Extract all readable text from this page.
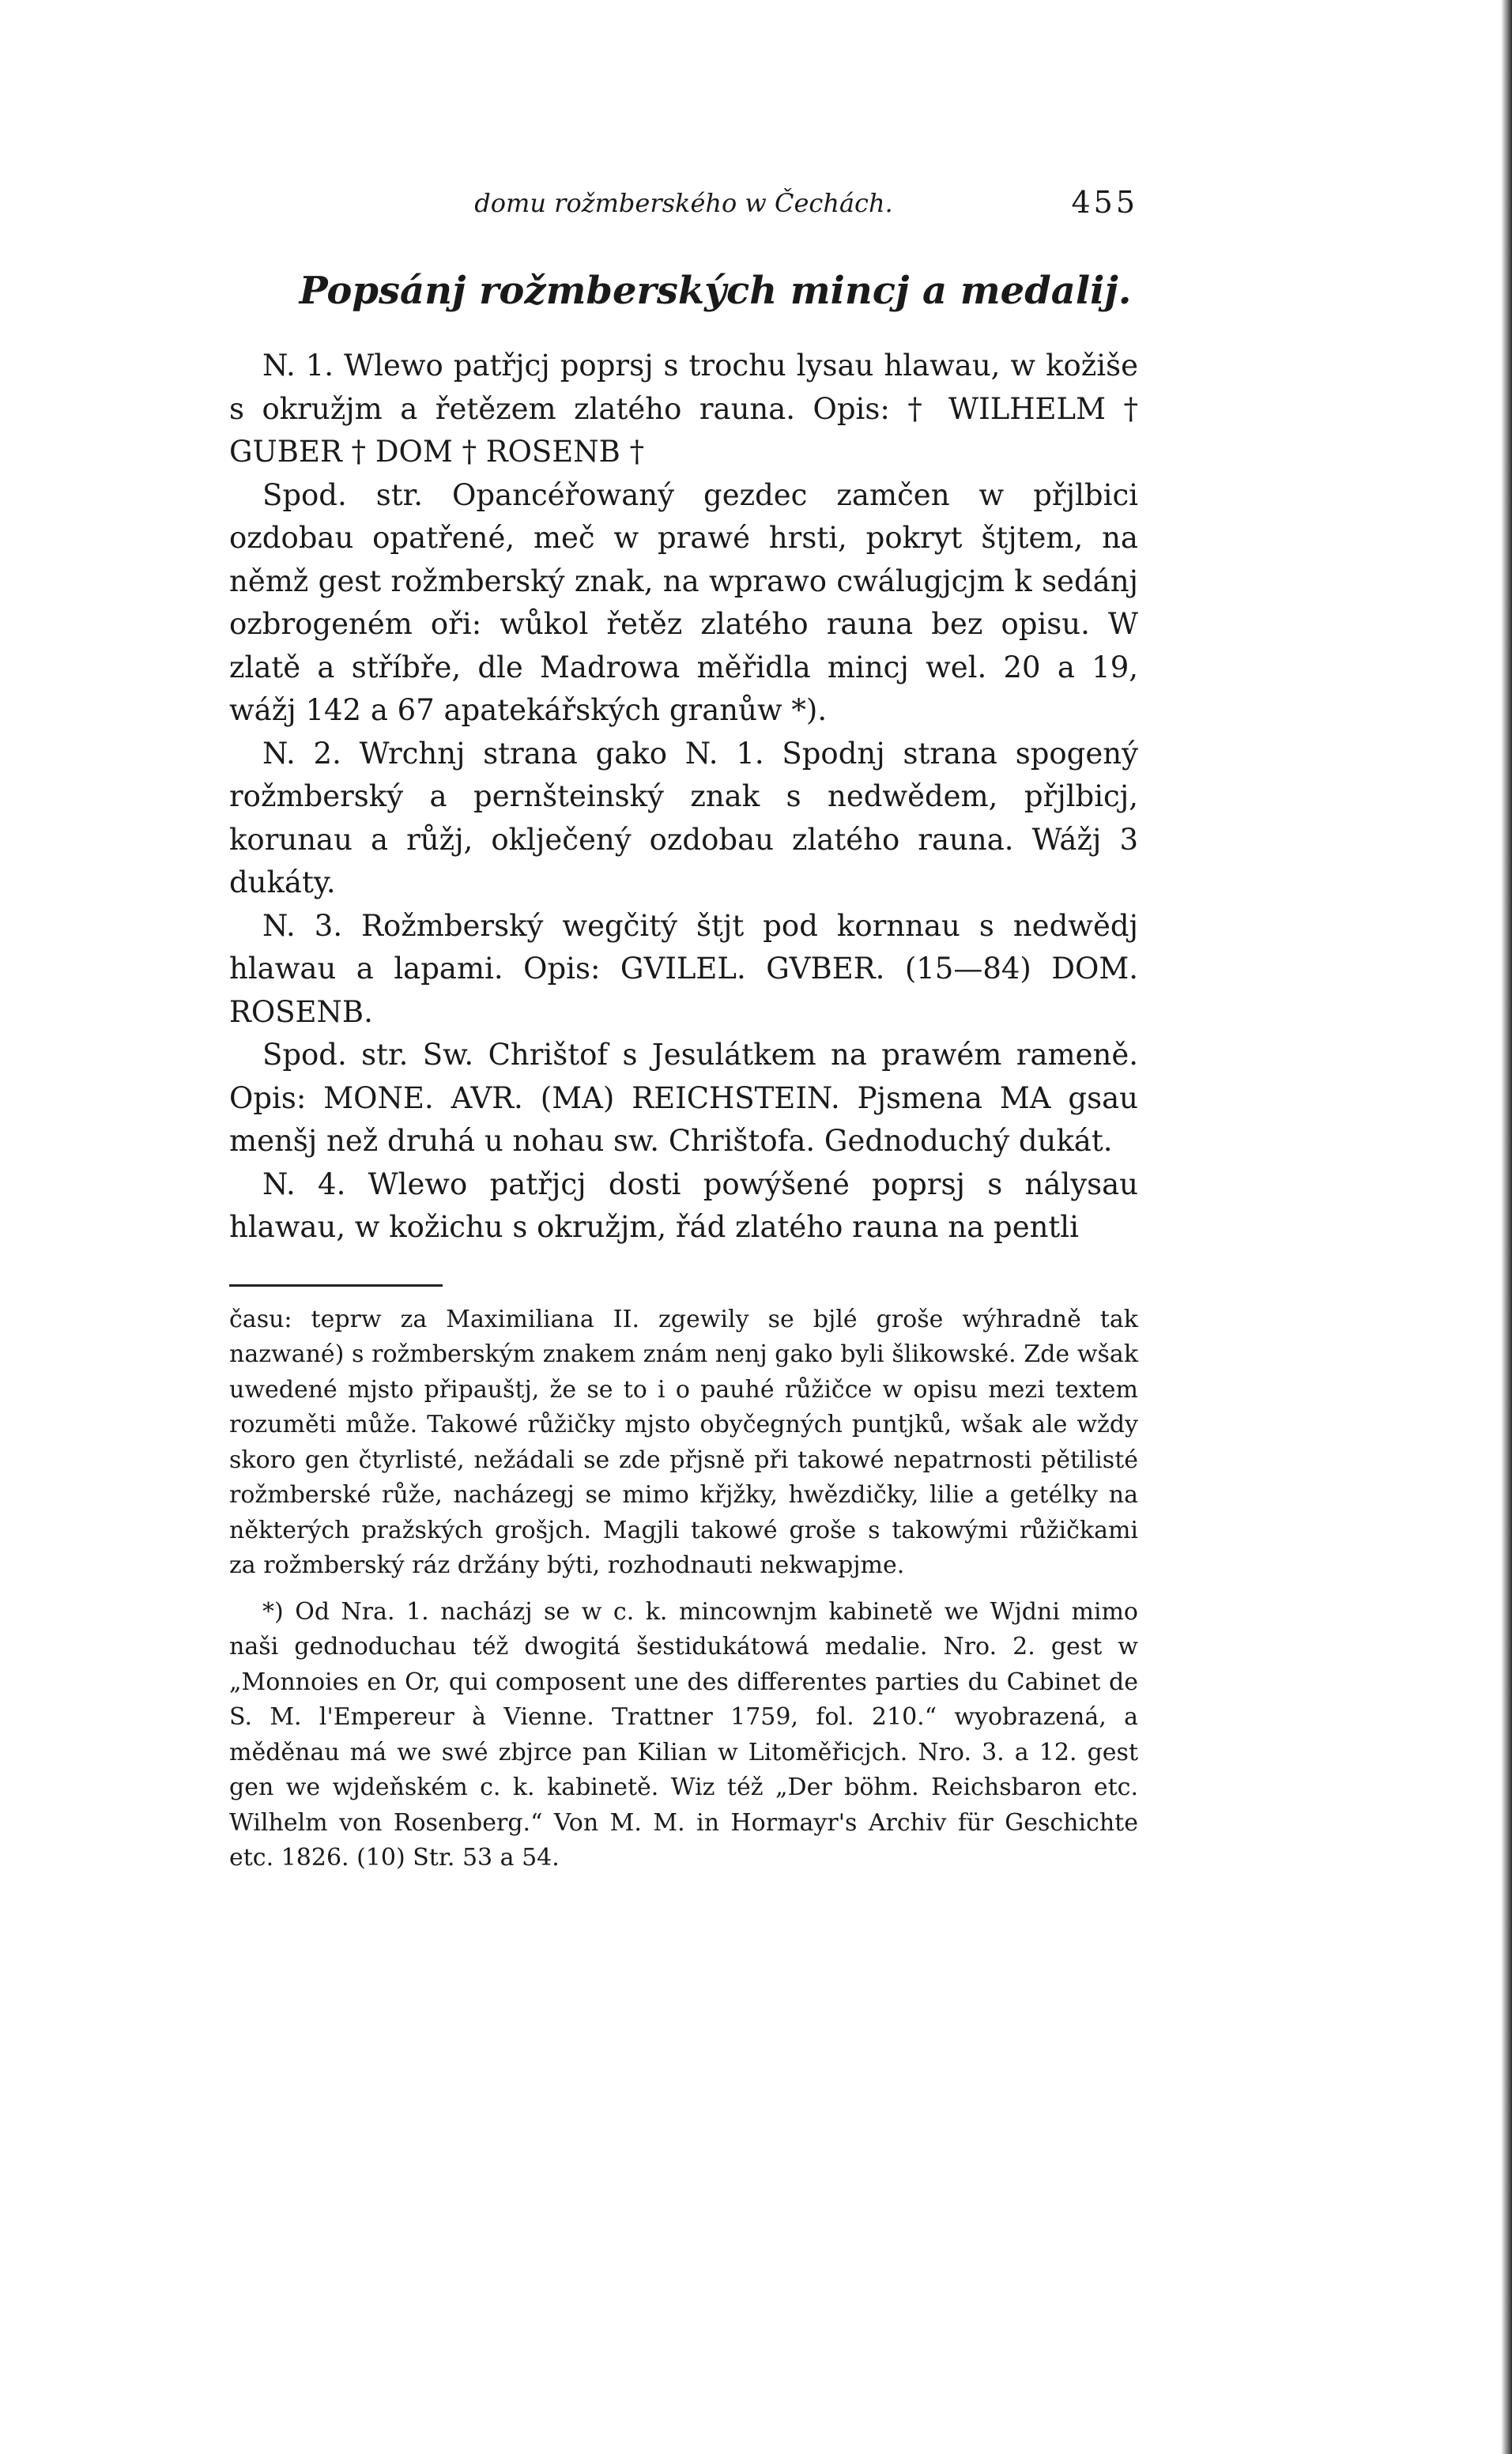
domu rožmberského w Čechách.	455
Popsánj rožmberských mincj a medalij.

N. 1. Wlewo patřjcj poprsj s trochu lysau hlawau, w kožiše s okružjm a řetězem zlatého rauna. Opis: † WILHELM † GUBER † DOM † ROSENB †

Spod. str. Opancéřowaný gezdec zamčen w přjlbici ozdobau opatřené, meč w prawé hrsti, pokryt štjtem, na němž gest rožmberský znak, na wprawo cwálugjcjm k sedánj ozbrogeném oři: wůkol řetěz zlatého rauna bez opisu. W zlatě a stříbře, dle Madrowa měřidla mincj wel. 20 a 19, wážj 142 a 67 apatekářských granůw *).

N. 2. Wrchnj strana gako N. 1. Spodnj strana spogený rožmberský a pernšteinský znak s nedwědem, přjlbicj, korunau a růžj, oklječený ozdobau zlatého rauna. Wážj 3 dukáty.

N. 3. Rožmberský wegčitý štjt pod kornnau s nedwědj hlawau a lapami. Opis: GVILEL. GVBER. (15—84) DOM. ROSENB.

Spod. str. Sw. Chrištof s Jesulátkem na prawém rameně. Opis: MONE. AVR. (MA) REICHSTEIN. Pjsmena MA gsau menšj než druhá u nohau sw. Chrištofa. Gednoduchý dukát.

N. 4. Wlewo patřjcj dosti powýšené poprsj s nálysau hlawau, w kožichu s okružjm, řád zlatého rauna na pentli

času: teprw za Maximiliana II. zgewily se bjlé groše wýhradně tak nazwané) s rožmberským znakem znám nenj gako byli šlikowské. Zde wšak uwedené mjsto připauštj, že se to i o pauhé růžičce w opisu mezi textem rozuměti může. Takowé růžičky mjsto obyčegných puntjků, wšak ale wždy skoro gen čtyrlisté, nežádali se zde přjsně při takowé nepatrnosti pětilisté rožmberské růže, nacházegj se mimo křjžky, hwězdičky, lilie a getélky na některých pražských grošjch. Magjli takowé groše s takowými růžičkami za rožmberský ráz držány býti, rozhodnauti nekwapjme.

*) Od Nra. 1. nacházj se w c. k. mincownjm kabinetě we Wjdni mimo naši gednoduchau též dwogitá šestidukátowá medalie. Nro. 2. gest w „Monnoies en Or, qui composent une des differentes parties du Cabinet de S. M. l'Empereur à Vienne. Trattner 1759, fol. 210.“ wyobrazená, a měděnau má we swé zbjrce pan Kilian w Litoměřicjch. Nro. 3. a 12. gest gen we wjdeňském c. k. kabinetě. Wiz též „Der böhm. Reichsbaron etc. Wilhelm von Rosenberg.“ Von M. M. in Hormayr's Archiv für Geschichte etc. 1826. (10) Str. 53 a 54.
